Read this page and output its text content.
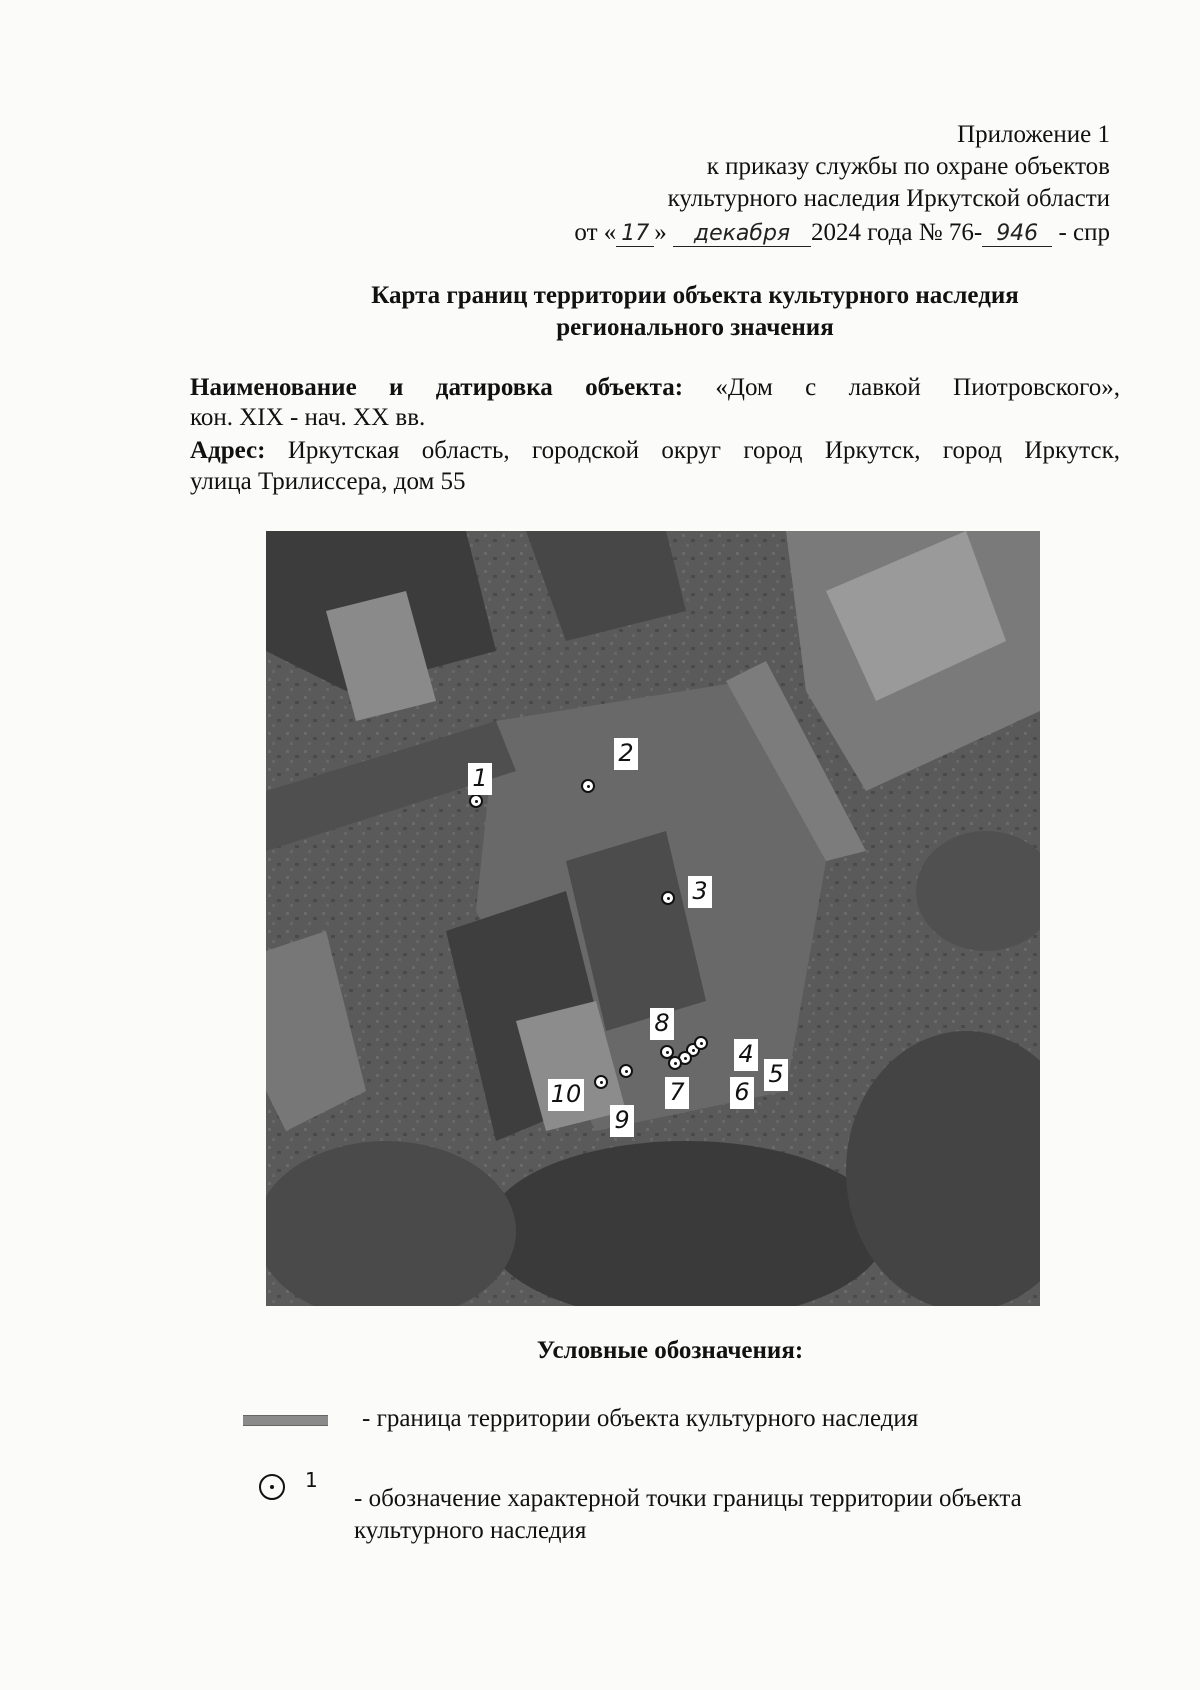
Приложение 1
к приказу службы по охране объектов
культурного наследия Иркутской области
от « 17 » декабря 2024 года № 76- 946 - спр
Карта границ территории объекта культурного наследия
регионального значения
Наименование и датировка объекта: «Дом с лавкой Пиотровского»,
кон. XIX - нач. XX вв.
Адрес: Иркутская область, городской округ город Иркутск, город Иркутск,
улица Трилиссера, дом 55
1
2
3
4
5
6
7
8
9
10
Условные обозначения:
- граница территории объекта культурного наследия
1
- обозначение характерной точки границы территории объекта
культурного наследия
